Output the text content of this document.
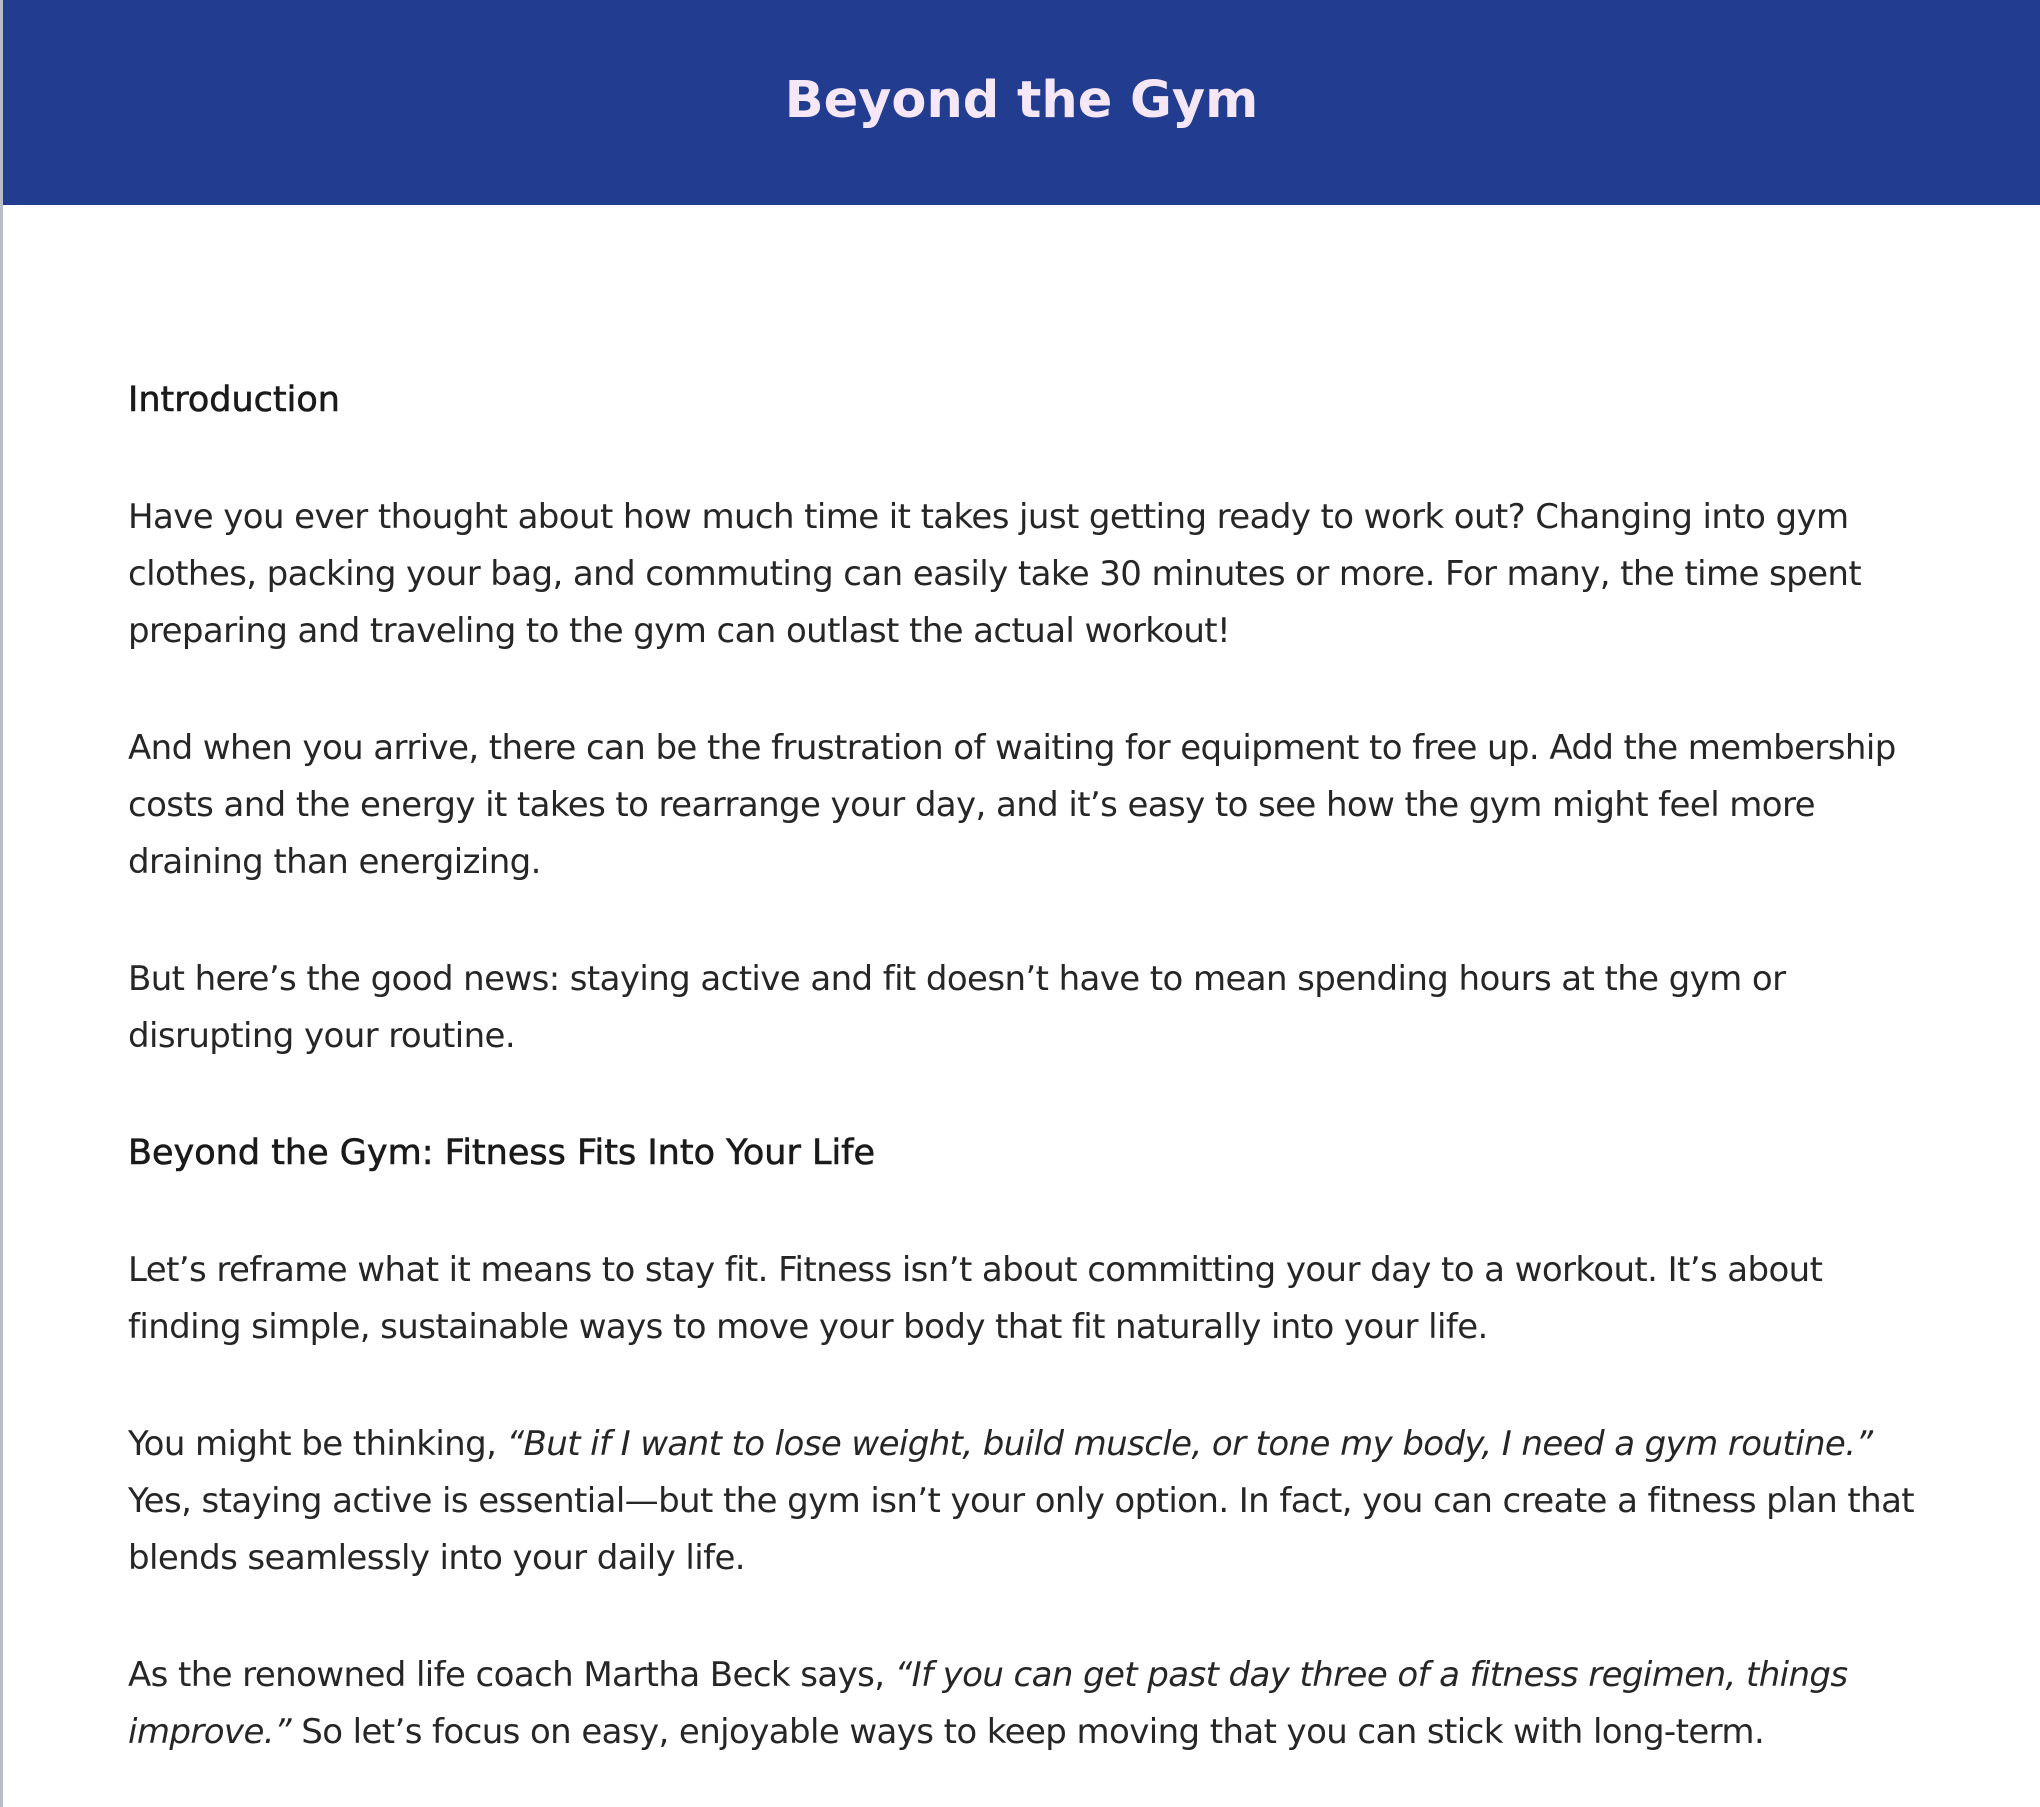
Beyond the Gym
Introduction

Have you ever thought about how much time it takes just getting ready to work out? Changing into gym clothes, packing your bag, and commuting can easily take 30 minutes or more. For many, the time spent preparing and traveling to the gym can outlast the actual workout!

And when you arrive, there can be the frustration of waiting for equipment to free up. Add the membership costs and the energy it takes to rearrange your day, and it’s easy to see how the gym might feel more draining than energizing.

But here’s the good news: staying active and fit doesn’t have to mean spending hours at the gym or disrupting your routine.

Beyond the Gym: Fitness Fits Into Your Life

Let’s reframe what it means to stay fit. Fitness isn’t about committing your day to a workout. It’s about finding simple, sustainable ways to move your body that fit naturally into your life.

You might be thinking, “But if I want to lose weight, build muscle, or tone my body, I need a gym routine.” Yes, staying active is essential—but the gym isn’t your only option. In fact, you can create a fitness plan that blends seamlessly into your daily life.

As the renowned life coach Martha Beck says, “If you can get past day three of a fitness regimen, things improve.” So let’s focus on easy, enjoyable ways to keep moving that you can stick with long-term.
